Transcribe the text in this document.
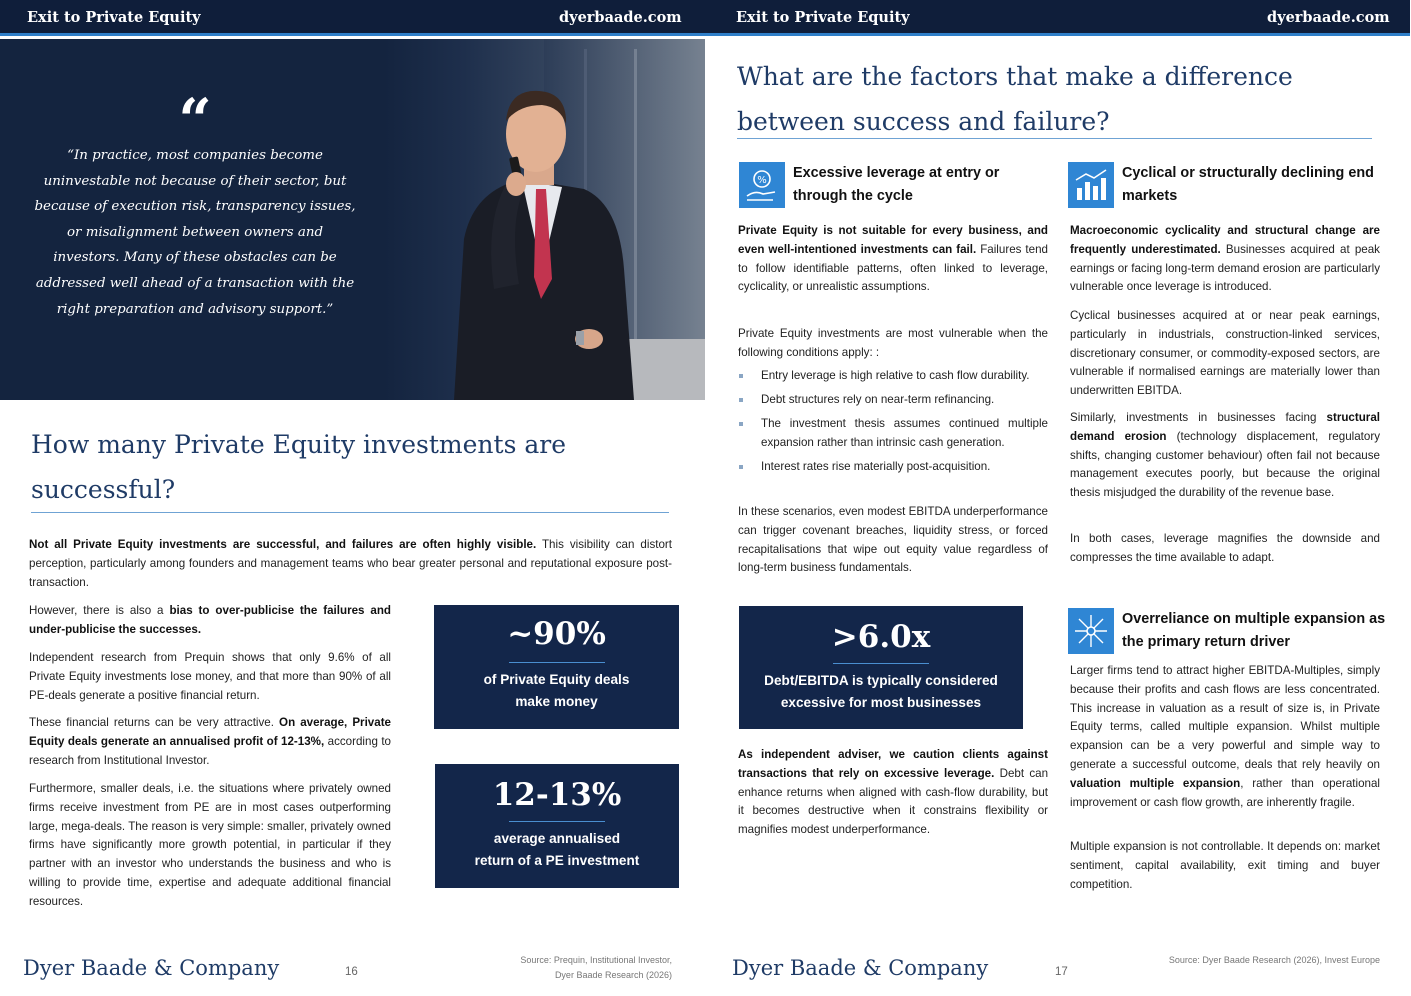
Exit to Private Equity	dyerbaade.com
“
“In practice, most companies become uninvestable not because of their sector, but because of execution risk, transparency issues, or misalignment between owners and investors. Many of these obstacles can be addressed well ahead of a transaction with the right preparation and advisory support.”
How many Private Equity investments are successful?

Not all Private Equity investments are successful, and failures are often highly visible. This visibility can distort perception, particularly among founders and management teams who bear greater personal and reputational exposure post-transaction.

However, there is also a bias to over-publicise the failures and under-publicise the successes.

Independent research from Prequin shows that only 9.6% of all Private Equity investments lose money, and that more than 90% of all PE-deals generate a positive financial return.

These financial returns can be very attractive. On average, Private Equity deals generate an annualised profit of 12-13%, according to research from Institutional Investor.

Furthermore, smaller deals, i.e. the situations where privately owned firms receive investment from PE are in most cases outperforming large, mega-deals. The reason is very simple: smaller, privately owned firms have significantly more growth potential, in particular if they partner with an investor who understands the business and who is willing to provide time, expertise and adequate additional financial resources.

~90%
of Private Equity deals
make money
12-13%
average annualised
return of a PE investment
Dyer Baade & Company	16
Source: Prequin, Institutional Investor,
Dyer Baade Research (2026)
Exit to Private Equity	dyerbaade.com
What are the factors that make a difference between success and failure?
% Excessive leverage at entry or through the cycle

Private Equity is not suitable for every business, and even well-intentioned investments can fail. Failures tend to follow identifiable patterns, often linked to leverage, cyclicality, or unrealistic assumptions.

Private Equity investments are most vulnerable when the following conditions apply: :

Entry leverage is high relative to cash flow durability.
Debt structures rely on near-term refinancing.
The investment thesis assumes continued multiple expansion rather than intrinsic cash generation.
Interest rates rise materially post-acquisition.

In these scenarios, even modest EBITDA underperformance can trigger covenant breaches, liquidity stress, or forced recapitalisations that wipe out equity value regardless of long-term business fundamentals.

>6.0x
Debt/EBITDA is typically considered
excessive for most businesses

As independent adviser, we caution clients against transactions that rely on excessive leverage. Debt can enhance returns when aligned with cash-flow durability, but it becomes destructive when it constrains flexibility or magnifies modest underperformance.

Cyclical or structurally declining end markets

Macroeconomic cyclicality and structural change are frequently underestimated. Businesses acquired at peak earnings or facing long-term demand erosion are particularly vulnerable once leverage is introduced.

Cyclical businesses acquired at or near peak earnings, particularly in industrials, construction-linked services, discretionary consumer, or commodity-exposed sectors, are vulnerable if normalised earnings are materially lower than underwritten EBITDA.

Similarly, investments in businesses facing structural demand erosion (technology displacement, regulatory shifts, changing customer behaviour) often fail not because management executes poorly, but because the original thesis misjudged the durability of the revenue base.

In both cases, leverage magnifies the downside and compresses the time available to adapt.

Overreliance on multiple expansion as the primary return driver

Larger firms tend to attract higher EBITDA-Multiples, simply because their profits and cash flows are less concentrated. This increase in valuation as a result of size is, in Private Equity terms, called multiple expansion. Whilst multiple expansion can be a very powerful and simple way to generate a successful outcome, deals that rely heavily on valuation multiple expansion, rather than operational improvement or cash flow growth, are inherently fragile.

Multiple expansion is not controllable. It depends on: market sentiment, capital availability, exit timing and buyer competition.

Dyer Baade & Company	17
Source: Dyer Baade Research (2026), Invest Europe
